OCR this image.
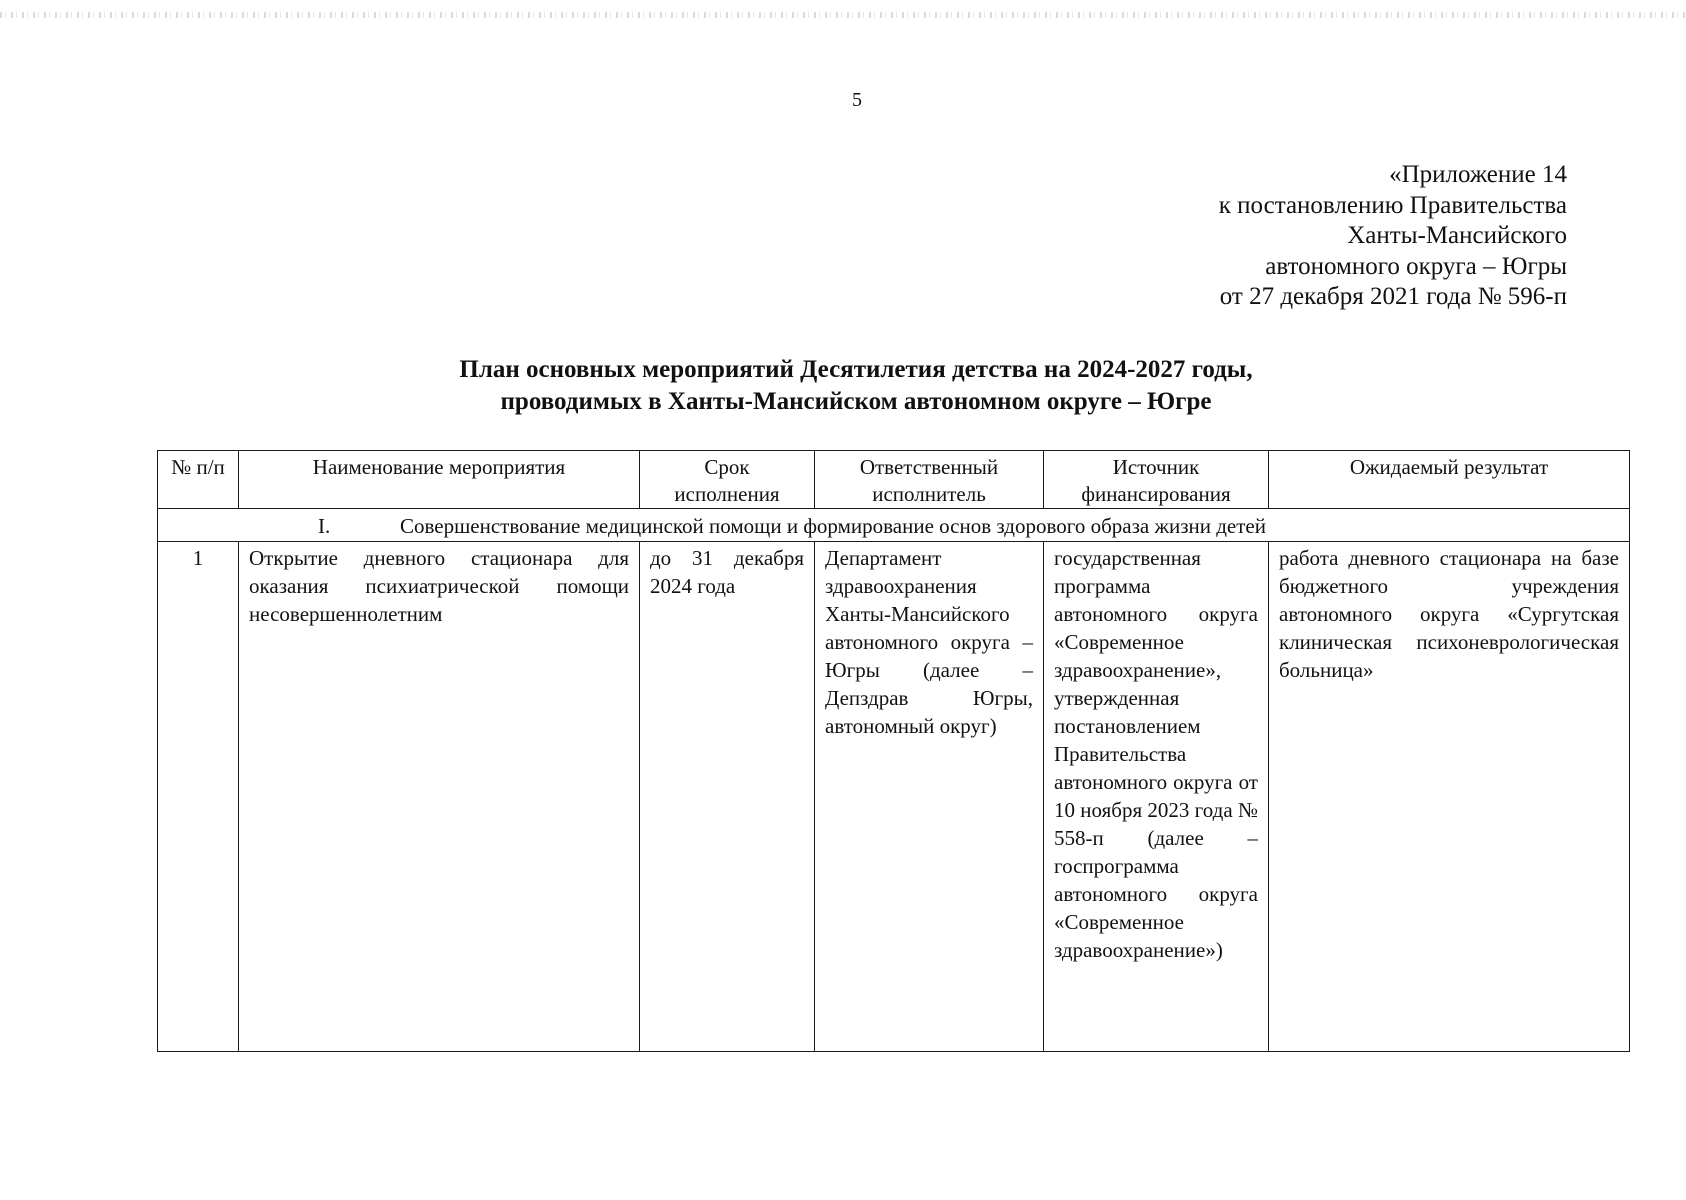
5
«Приложение 14
к постановлению Правительства
Ханты-Мансийского
автономного округа – Югры
от 27 декабря 2021 года № 596-п
План основных мероприятий Десятилетия детства на 2024-2027 годы,
проводимых в Ханты-Мансийском автономном округе – Югре
№ п/п	Наименование мероприятия	Срок исполнения	Ответственный исполнитель	Источник финансирования	Ожидаемый результат

I. Совершенствование медицинской помощи и формирование основ здорового образа жизни детей					

1	Открытие дневного стационара для оказания психиатрической помощи несовершеннолетним	до 31 декабря 2024 года	Департамент здравоохранения Ханты-Мансийского автономного округа – Югры (далее – Депздрав Югры, автономный округ)	государственная программа автономного округа «Современное здравоохранение», утвержденная постановлением Правительства автономного округа от 10 ноября 2023 года № 558-п (далее – госпрограмма автономного округа «Современное здравоохранение»)	работа дневного стационара на базе бюджетного учреждения автономного округа «Сургутская клиническая психоневрологическая больница»
